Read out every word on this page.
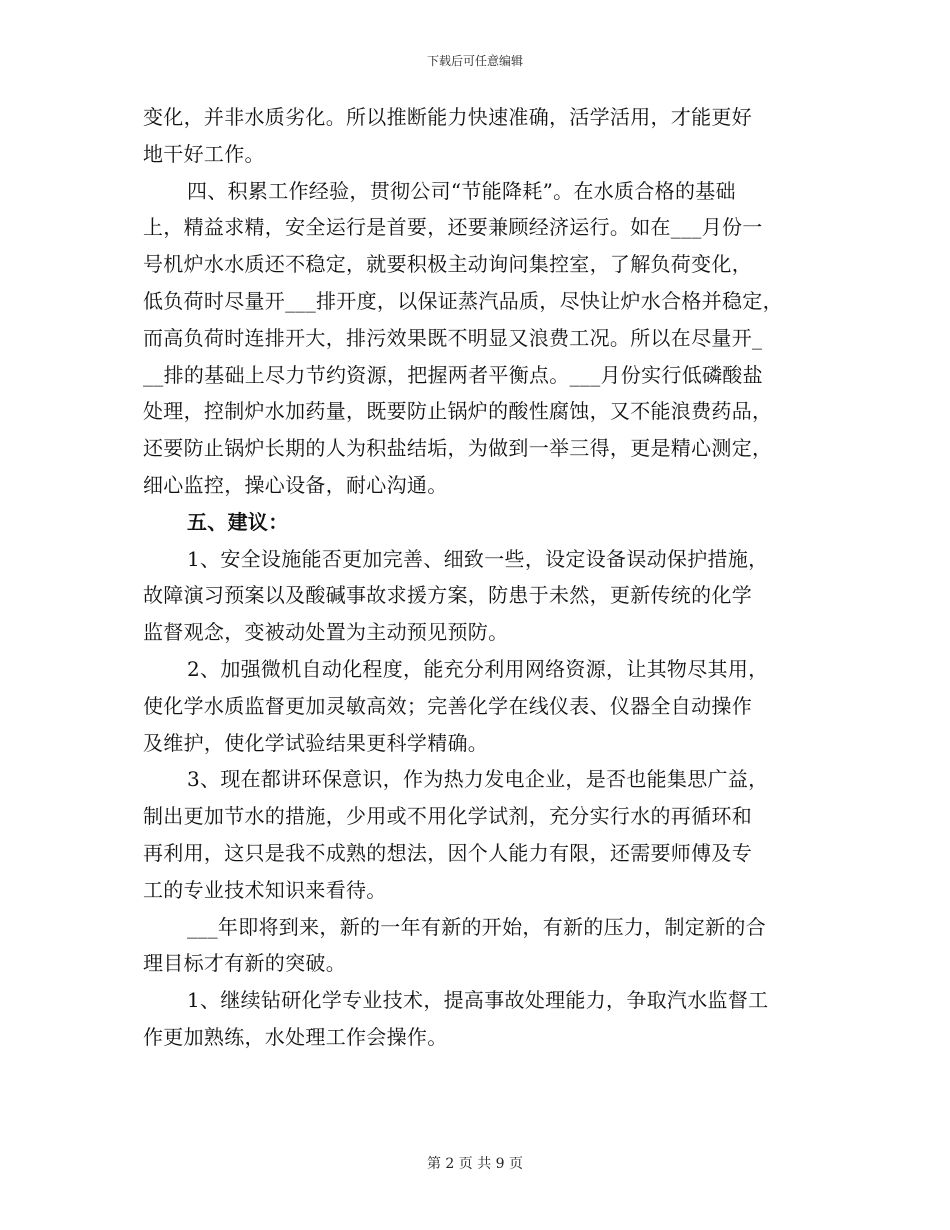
下载后可任意编辑
变化，并非水质劣化。所以推断能力快速准确，活学活用，才能更好
地干好工作。
四、积累工作经验，贯彻公司“节能降耗”。在水质合格的基础
上，精益求精，安全运行是首要，还要兼顾经济运行。如在___月份一
号机炉水水质还不稳定，就要积极主动询问集控室，了解负荷变化，
低负荷时尽量开___排开度，以保证蒸汽品质，尽快让炉水合格并稳定，
而高负荷时连排开大，排污效果既不明显又浪费工况。所以在尽量开_
__排的基础上尽力节约资源，把握两者平衡点。___月份实行低磷酸盐
处理，控制炉水加药量，既要防止锅炉的酸性腐蚀，又不能浪费药品，
还要防止锅炉长期的人为积盐结垢，为做到一举三得，更是精心测定，
细心监控，操心设备，耐心沟通。
五、建议：
1、安全设施能否更加完善、细致一些，设定设备误动保护措施，
故障演习预案以及酸碱事故求援方案，防患于未然，更新传统的化学
监督观念，变被动处置为主动预见预防。
2、加强微机自动化程度，能充分利用网络资源，让其物尽其用，
使化学水质监督更加灵敏高效；完善化学在线仪表、仪器全自动操作
及维护，使化学试验结果更科学精确。
3、现在都讲环保意识，作为热力发电企业，是否也能集思广益，
制出更加节水的措施，少用或不用化学试剂，充分实行水的再循环和
再利用，这只是我不成熟的想法，因个人能力有限，还需要师傅及专
工的专业技术知识来看待。
___年即将到来，新的一年有新的开始，有新的压力，制定新的合
理目标才有新的突破。
1、继续钻研化学专业技术，提高事故处理能力，争取汽水监督工
作更加熟练，水处理工作会操作。
第 2 页 共 9 页
